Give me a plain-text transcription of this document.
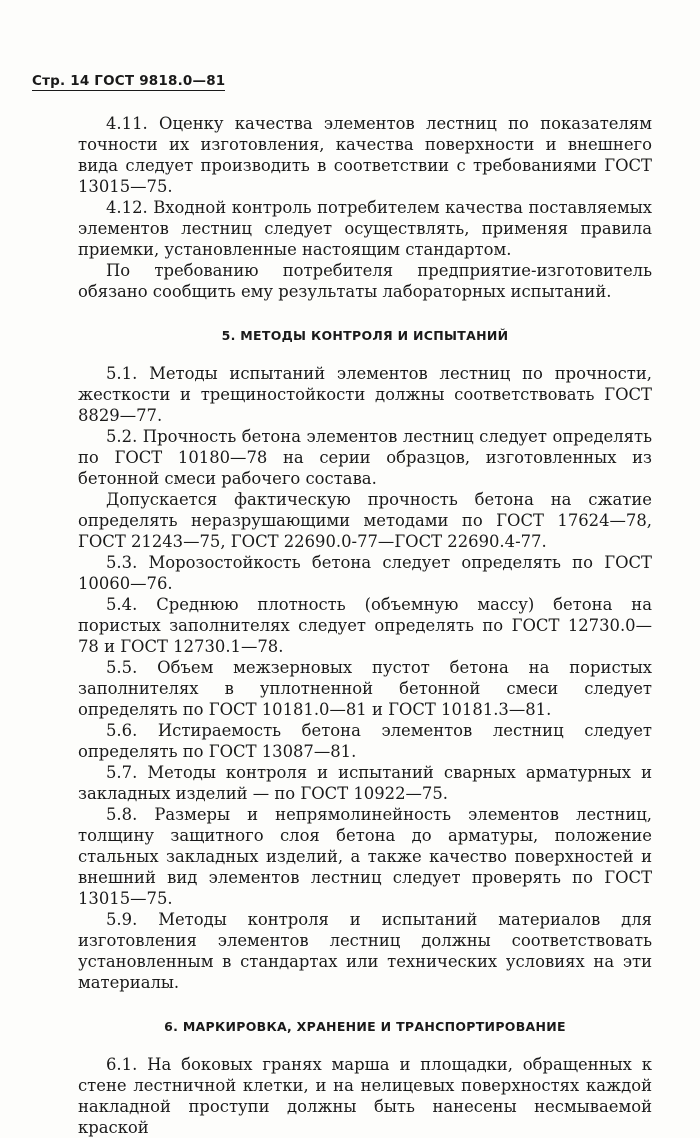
Стр. 14 ГОСТ 9818.0—81

4.11. Оценку качества элементов лестниц по показателям точности их изготовления, качества поверхности и внешнего вида следует производить в соответствии с требованиями ГОСТ 13015—75.

4.12. Входной контроль потребителем качества поставляемых элементов лестниц следует осуществлять, применяя правила приемки, установленные настоящим стандартом.

По требованию потребителя предприятие-изготовитель обязано сообщить ему результаты лабораторных испытаний.

5. МЕТОДЫ КОНТРОЛЯ И ИСПЫТАНИЙ

5.1. Методы испытаний элементов лестниц по прочности, жесткости и трещиностойкости должны соответствовать ГОСТ 8829—77.

5.2. Прочность бетона элементов лестниц следует определять по ГОСТ 10180—78 на серии образцов, изготовленных из бетонной смеси рабочего состава.

Допускается фактическую прочность бетона на сжатие определять неразрушающими методами по ГОСТ 17624—78, ГОСТ 21243—75, ГОСТ 22690.0-77—ГОСТ 22690.4-77.

5.3. Морозостойкость бетона следует определять по ГОСТ 10060—76.

5.4. Среднюю плотность (объемную массу) бетона на пористых заполнителях следует определять по ГОСТ 12730.0—78 и ГОСТ 12730.1—78.

5.5. Объем межзерновых пустот бетона на пористых заполнителях в уплотненной бетонной смеси следует определять по ГОСТ 10181.0—81 и ГОСТ 10181.3—81.

5.6. Истираемость бетона элементов лестниц следует определять по ГОСТ 13087—81.

5.7. Методы контроля и испытаний сварных арматурных и закладных изделий — по ГОСТ 10922—75.

5.8. Размеры и непрямолинейность элементов лестниц, толщину защитного слоя бетона до арматуры, положение стальных закладных изделий, а также качество поверхностей и внешний вид элементов лестниц следует проверять по ГОСТ 13015—75.

5.9. Методы контроля и испытаний материалов для изготовления элементов лестниц должны соответствовать установленным в стандартах или технических условиях на эти материалы.

6. МАРКИРОВКА, ХРАНЕНИЕ И ТРАНСПОРТИРОВАНИЕ

6.1. На боковых гранях марша и площадки, обращенных к стене лестничной клетки, и на нелицевых поверхностях каждой накладной проступи должны быть нанесены несмываемой краской
